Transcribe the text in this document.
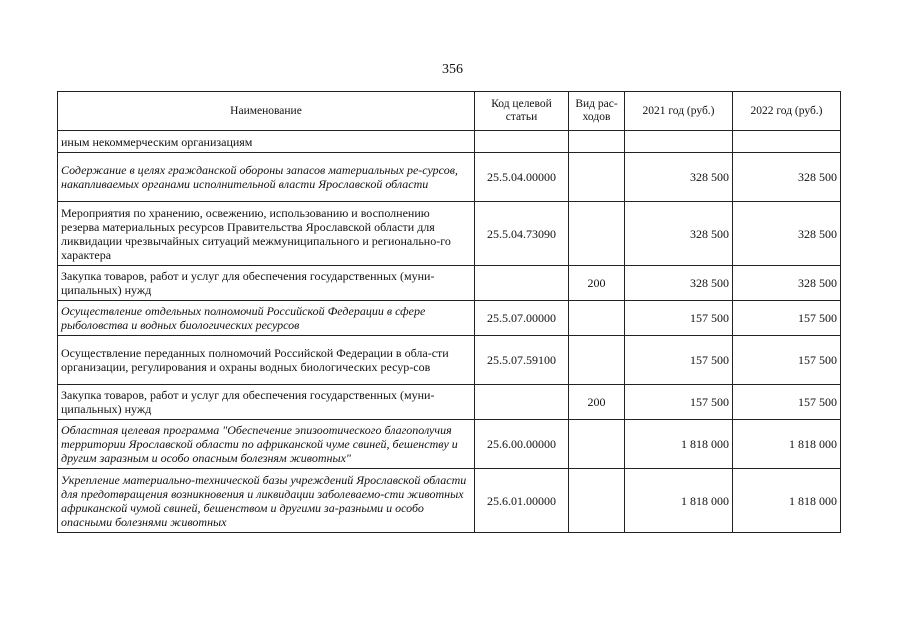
356
Наименование	Код целевой статьи	Вид рас-ходов	2021 год (руб.)	2022 год (руб.)
иным некоммерческим организациям				
Содержание в целях гражданской обороны запасов материальных ре-сурсов, накапливаемых органами исполнительной власти Ярославской области	25.5.04.00000		328 500	328 500
Мероприятия по хранению, освежению, использованию и восполнению резерва материальных ресурсов Правительства Ярославской области для ликвидации чрезвычайных ситуаций межмуниципального и регионально-го характера	25.5.04.73090		328 500	328 500
Закупка товаров, работ и услуг для обеспечения государственных (муни-ципальных) нужд		200	328 500	328 500
Осуществление отдельных полномочий Российской Федерации в сфере рыболовства и водных биологических ресурсов	25.5.07.00000		157 500	157 500
Осуществление переданных полномочий Российской Федерации в обла-сти организации, регулирования и охраны водных биологических ресур-сов	25.5.07.59100		157 500	157 500
Закупка товаров, работ и услуг для обеспечения государственных (муни-ципальных) нужд		200	157 500	157 500
Областная целевая программа "Обеспечение эпизоотического благополучия территории Ярославской области по африканской чуме свиней, бешенству и другим заразным и особо опасным болезням животных"	25.6.00.00000		1 818 000	1 818 000
Укрепление материально-технической базы учреждений Ярославской области для предотвращения возникновения и ликвидации заболеваемо-сти животных африканской чумой свиней, бешенством и другими за-разными и особо опасными болезнями животных	25.6.01.00000		1 818 000	1 818 000
